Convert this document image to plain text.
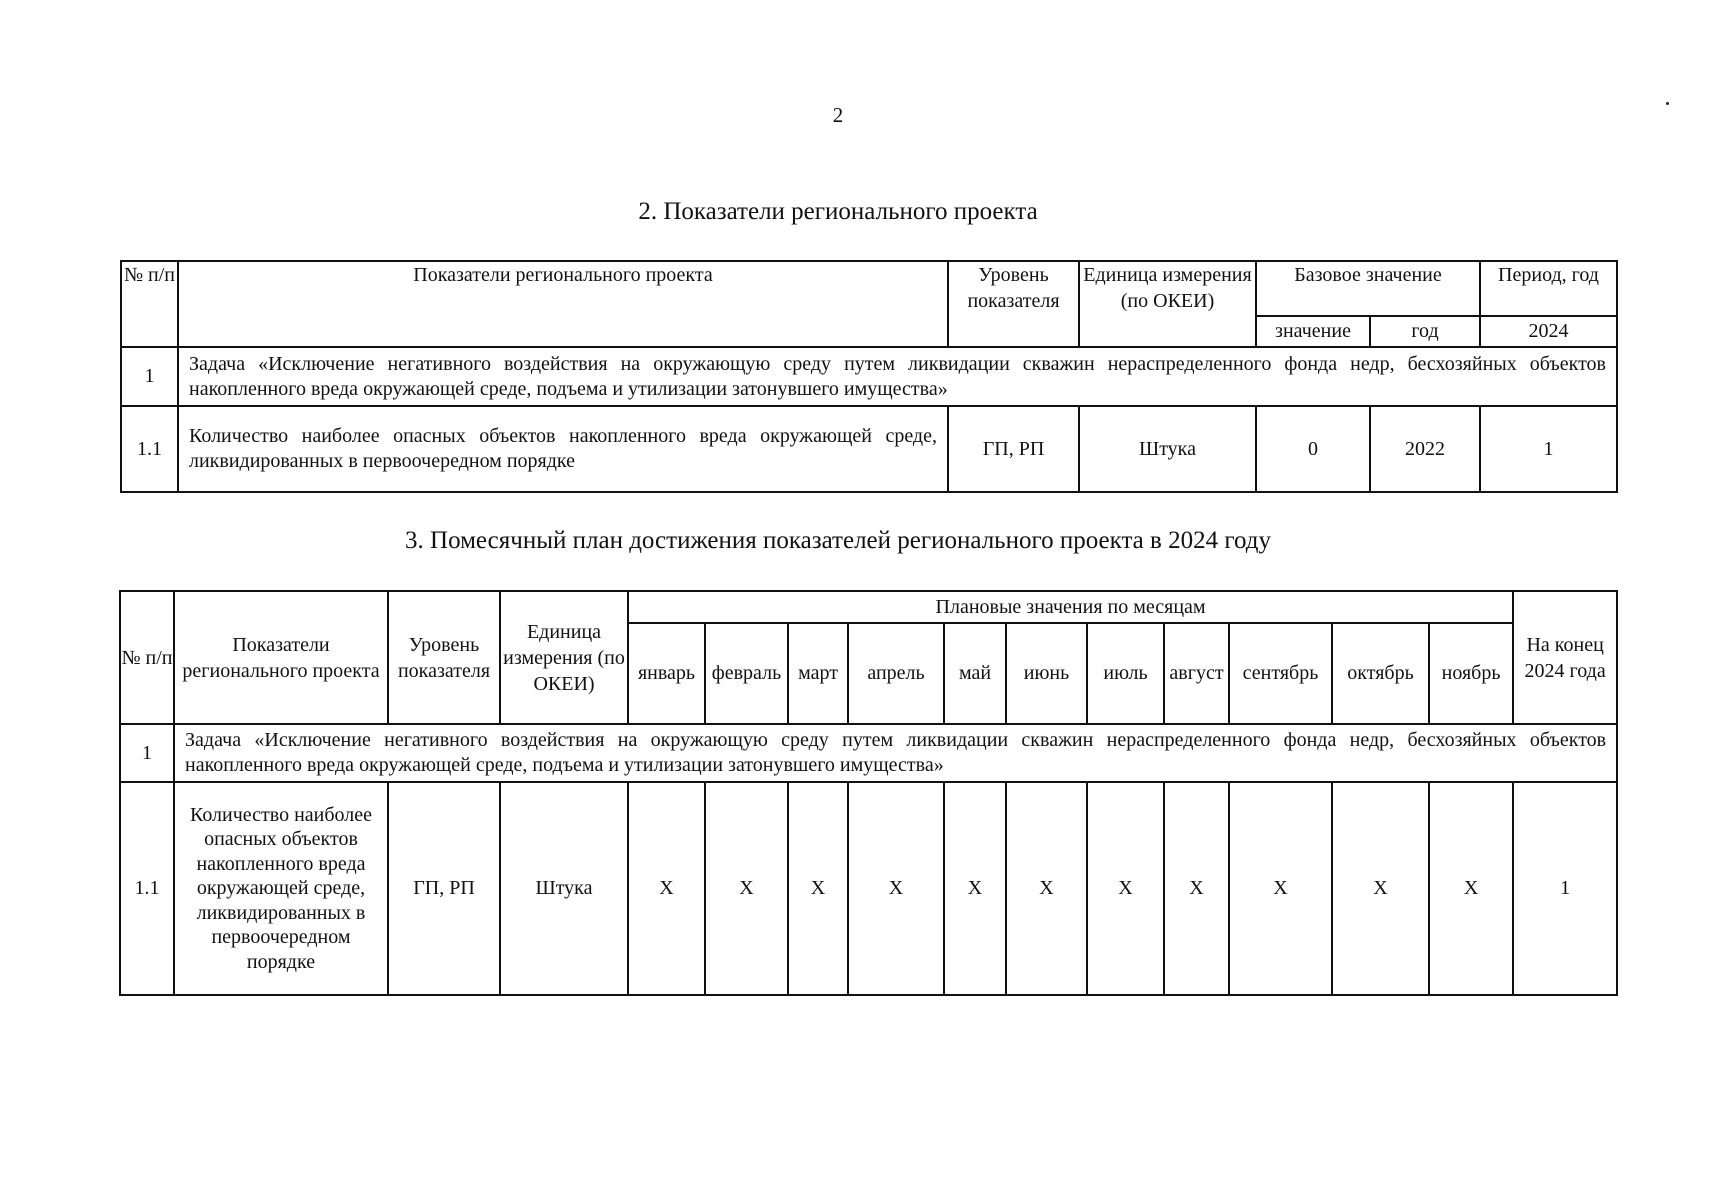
2
2. Показатели регионального проекта
№ п/п	Показатели регионального проекта	Уровень показателя	Единица измерения (по ОКЕИ)	Базовое значение		Период, год
				значение	год	2024
1	Задача «Исключение негативного воздействия на окружающую среду путем ликвидации скважин нераспределенного фонда недр, бесхозяйных объектов накопленного вреда окружающей среде, подъема и утилизации затонувшего имущества»					
1.1	Количество наиболее опасных объектов накопленного вреда окружающей среде, ликвидированных в первоочередном порядке	ГП, РП	Штука	0	2022	1
3. Помесячный план достижения показателей регионального проекта в 2024 году
№ п/п	Показатели регионального проекта	Уровень показателя	Единица измерения (по ОКЕИ)	Плановые значения по месяцам											На конец 2024 года
				январь	февраль	март	апрель	май	июнь	июль	август	сентябрь	октябрь	ноябрь	
1	Задача «Исключение негативного воздействия на окружающую среду путем ликвидации скважин нераспределенного фонда недр, бесхозяйных объектов накопленного вреда окружающей среде, подъема и утилизации затонувшего имущества»														
1.1	Количество наиболее опасных объектов накопленного вреда окружающей среде, ликвидированных в первоочередном порядке	ГП, РП	Штука	X	X	X	X	X	X	X	X	X	X	X	1
